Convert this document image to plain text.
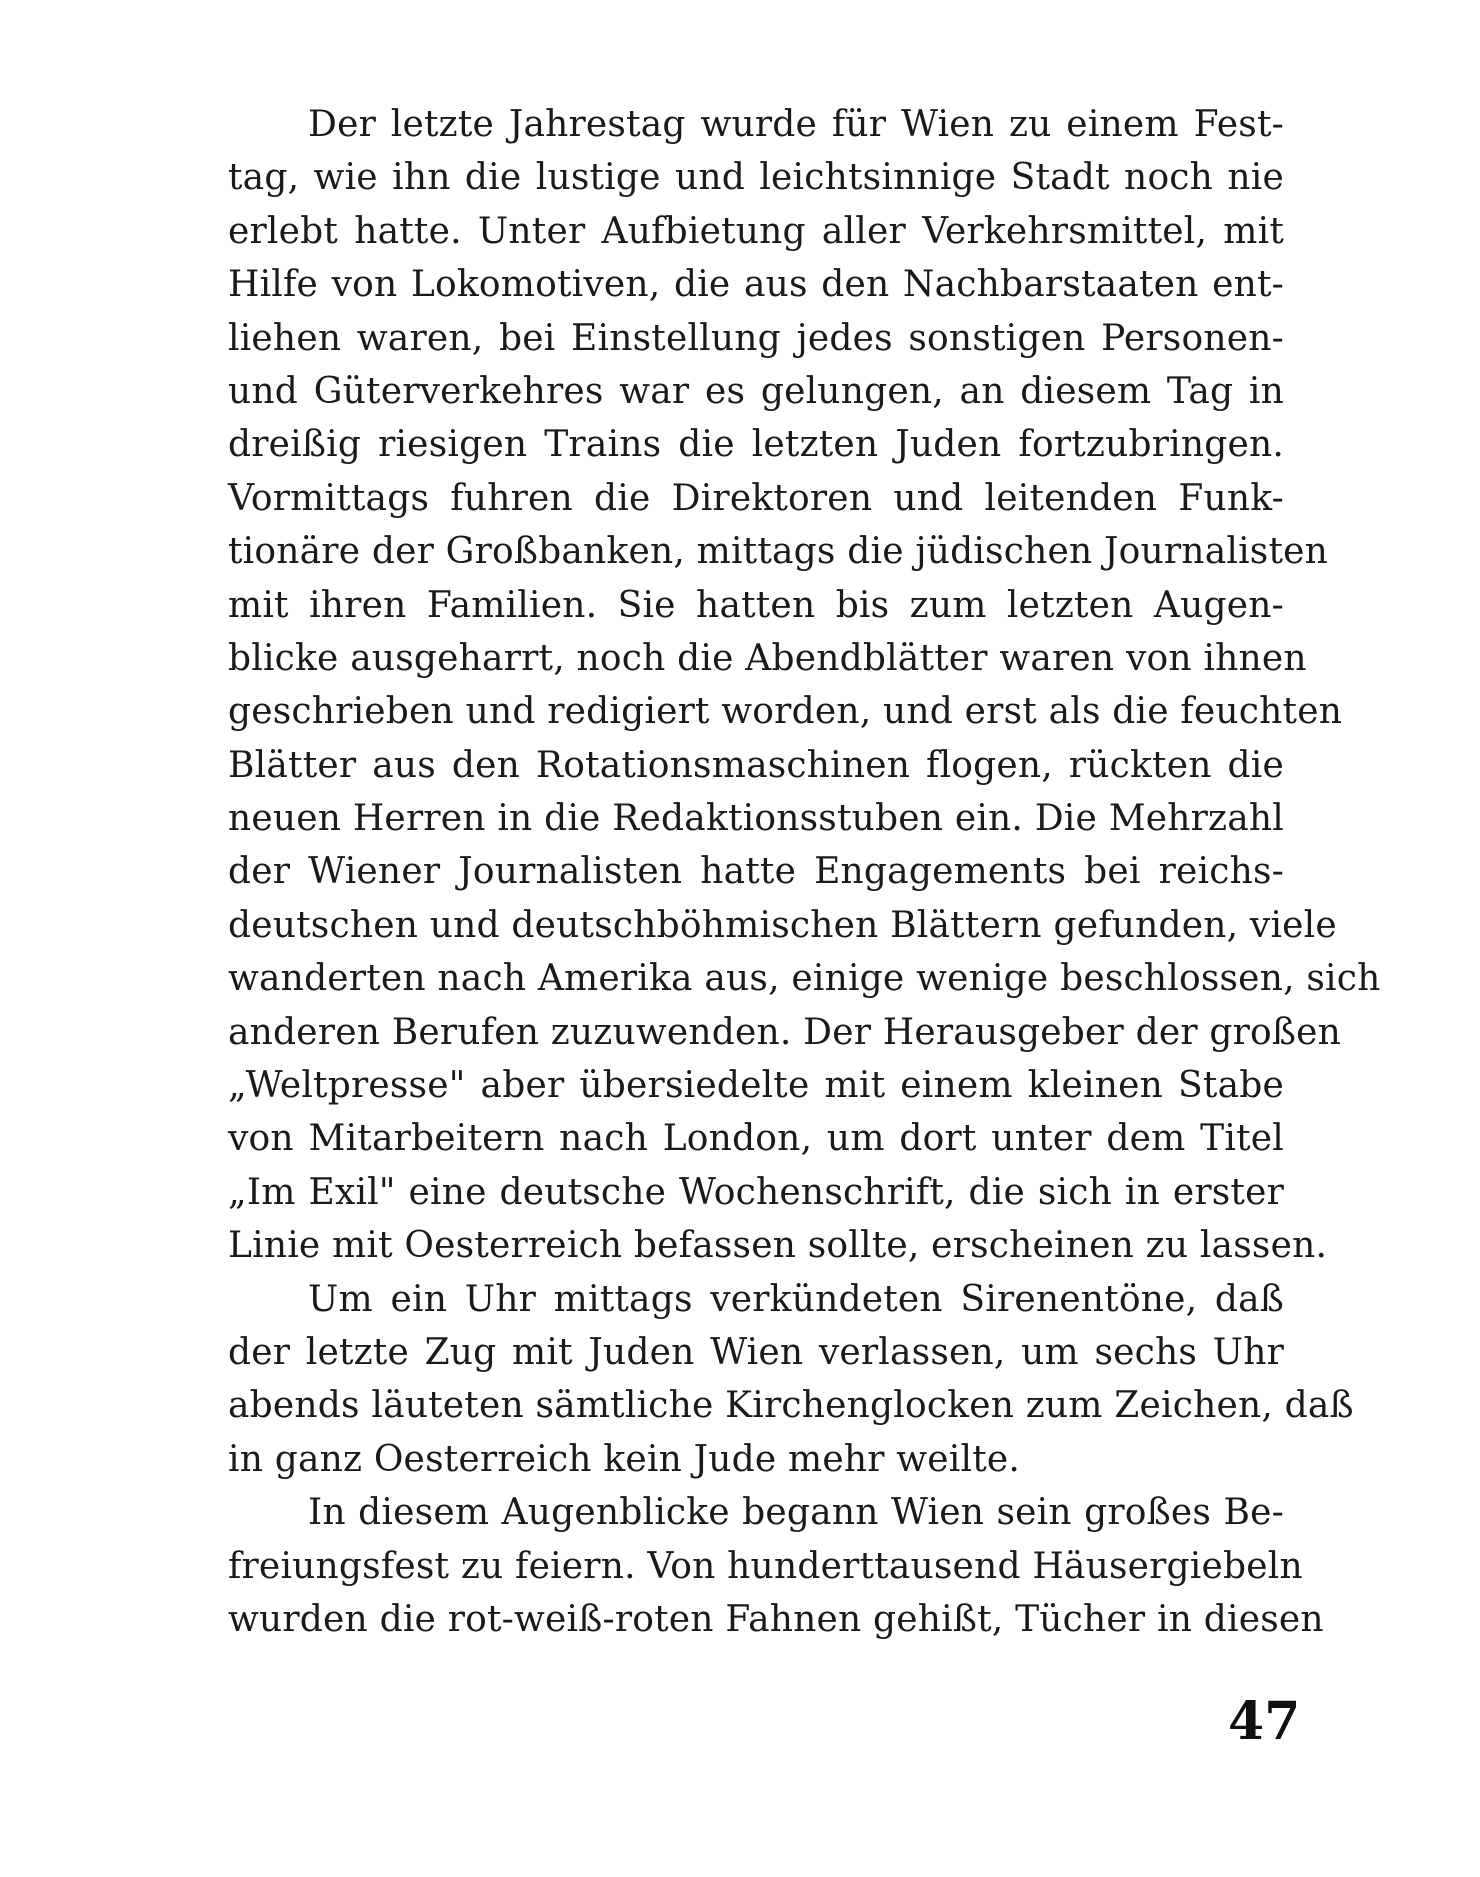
Der letzte Jahrestag wurde für Wien zu einem Fest-
tag, wie ihn die lustige und leichtsinnige Stadt noch nie
erlebt hatte. Unter Aufbietung aller Verkehrsmittel, mit
Hilfe von Lokomotiven, die aus den Nachbarstaaten ent-
liehen waren, bei Einstellung jedes sonstigen Personen-
und Güterverkehres war es gelungen, an diesem Tag in
dreißig riesigen Trains die letzten Juden fortzubringen.
Vormittags fuhren die Direktoren und leitenden Funk-
tionäre der Großbanken, mittags die jüdischen Journalisten
mit ihren Familien. Sie hatten bis zum letzten Augen-
blicke ausgeharrt, noch die Abendblätter waren von ihnen
geschrieben und redigiert worden, und erst als die feuchten
Blätter aus den Rotationsmaschinen flogen, rückten die
neuen Herren in die Redaktionsstuben ein. Die Mehrzahl
der Wiener Journalisten hatte Engagements bei reichs-
deutschen und deutschböhmischen Blättern gefunden, viele
wanderten nach Amerika aus, einige wenige beschlossen, sich
anderen Berufen zuzuwenden. Der Herausgeber der großen
„Weltpresse" aber übersiedelte mit einem kleinen Stabe
von Mitarbeitern nach London, um dort unter dem Titel
„Im Exil" eine deutsche Wochenschrift, die sich in erster
Linie mit Oesterreich befassen sollte, erscheinen zu lassen.
Um ein Uhr mittags verkündeten Sirenentöne, daß
der letzte Zug mit Juden Wien verlassen, um sechs Uhr
abends läuteten sämtliche Kirchenglocken zum Zeichen, daß
in ganz Oesterreich kein Jude mehr weilte.
In diesem Augenblicke begann Wien sein großes Be-
freiungsfest zu feiern. Von hunderttausend Häusergiebeln
wurden die rot-weiß-roten Fahnen gehißt, Tücher in diesen
47
